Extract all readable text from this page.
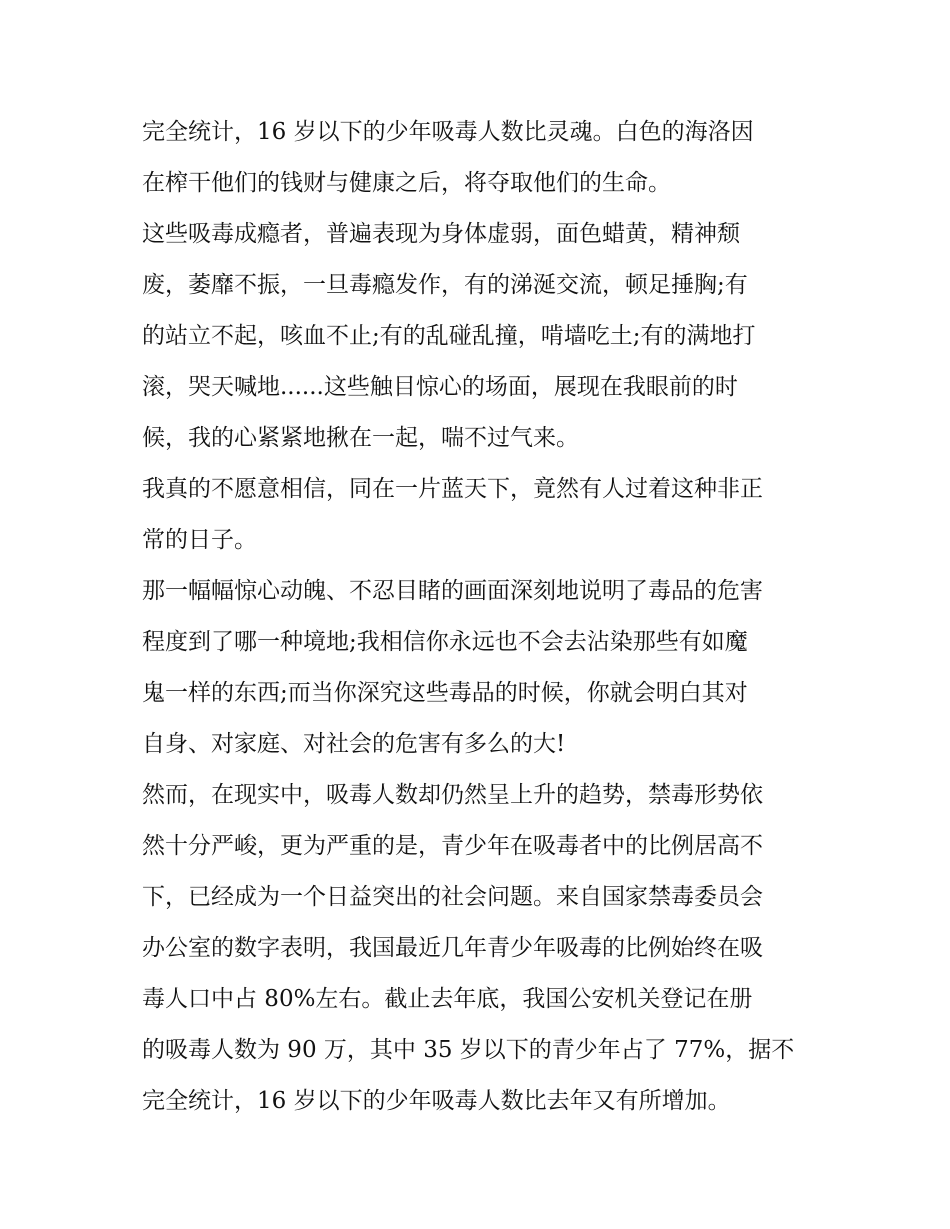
完全统计，16 岁以下的少年吸毒人数比灵魂。白色的海洛因
在榨干他们的钱财与健康之后，将夺取他们的生命。
这些吸毒成瘾者，普遍表现为身体虚弱，面色蜡黄，精神颓
废，萎靡不振，一旦毒瘾发作，有的涕涎交流，顿足捶胸;有
的站立不起，咳血不止;有的乱碰乱撞，啃墙吃土;有的满地打
滚，哭天喊地......这些触目惊心的场面，展现在我眼前的时
候，我的心紧紧地揪在一起，喘不过气来。
我真的不愿意相信，同在一片蓝天下，竟然有人过着这种非正
常的日子。
那一幅幅惊心动魄、不忍目睹的画面深刻地说明了毒品的危害
程度到了哪一种境地;我相信你永远也不会去沾染那些有如魔
鬼一样的东西;而当你深究这些毒品的时候，你就会明白其对
自身、对家庭、对社会的危害有多么的大!
然而，在现实中，吸毒人数却仍然呈上升的趋势，禁毒形势依
然十分严峻，更为严重的是，青少年在吸毒者中的比例居高不
下，已经成为一个日益突出的社会问题。来自国家禁毒委员会
办公室的数字表明，我国最近几年青少年吸毒的比例始终在吸
毒人口中占 80%左右。截止去年底，我国公安机关登记在册
的吸毒人数为 90 万，其中 35 岁以下的青少年占了 77%，据不
完全统计，16 岁以下的少年吸毒人数比去年又有所增加。
